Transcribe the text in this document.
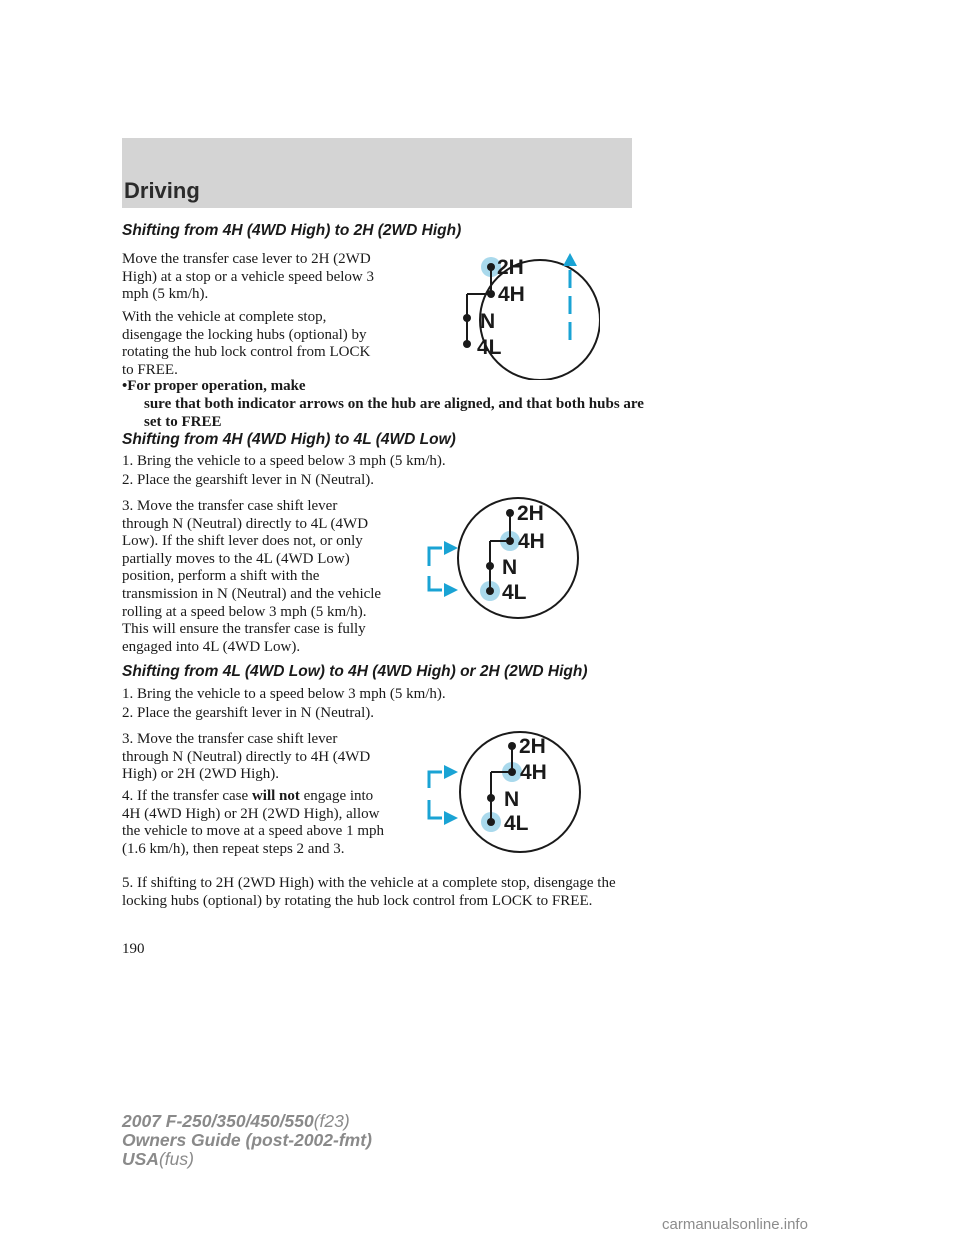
Driving
Shifting from 4H (4WD High) to 2H (2WD High)

Move the transfer case lever to 2H (2WD High) at a stop or a vehicle speed below 3 mph (5 km/h).

With the vehicle at complete stop, disengage the locking hubs (optional) by rotating the hub lock control from LOCK to FREE.

•For proper operation, make

sure that both indicator arrows on the hub are aligned, and that both hubs are set to FREE

2H
4H
N
4L
Shifting from 4H (4WD High) to 4L (4WD Low)

1. Bring the vehicle to a speed below 3 mph (5 km/h).

2. Place the gearshift lever in N (Neutral).

3. Move the transfer case shift lever through N (Neutral) directly to 4L (4WD Low). If the shift lever does not, or only partially moves to the 4L (4WD Low) position, perform a shift with the transmission in N (Neutral) and the vehicle rolling at a speed below 3 mph (5 km/h). This will ensure the transfer case is fully engaged into 4L (4WD Low).

2H
4H
N
4L
Shifting from 4L (4WD Low) to 4H (4WD High) or 2H (2WD High)

1. Bring the vehicle to a speed below 3 mph (5 km/h).

2. Place the gearshift lever in N (Neutral).

3. Move the transfer case shift lever through N (Neutral) directly to 4H (4WD High) or 2H (2WD High).

4. If the transfer case will not engage into 4H (4WD High) or 2H (2WD High), allow the vehicle to move at a speed above 1 mph (1.6 km/h), then repeat steps 2 and 3.

5. If shifting to 2H (2WD High) with the vehicle at a complete stop, disengage the locking hubs (optional) by rotating the hub lock control from LOCK to FREE.

2H
4H
N
4L
190
2007 F-250/350/450/550(f23)
Owners Guide (post-2002-fmt)
USA(fus)
carmanualsonline.info
